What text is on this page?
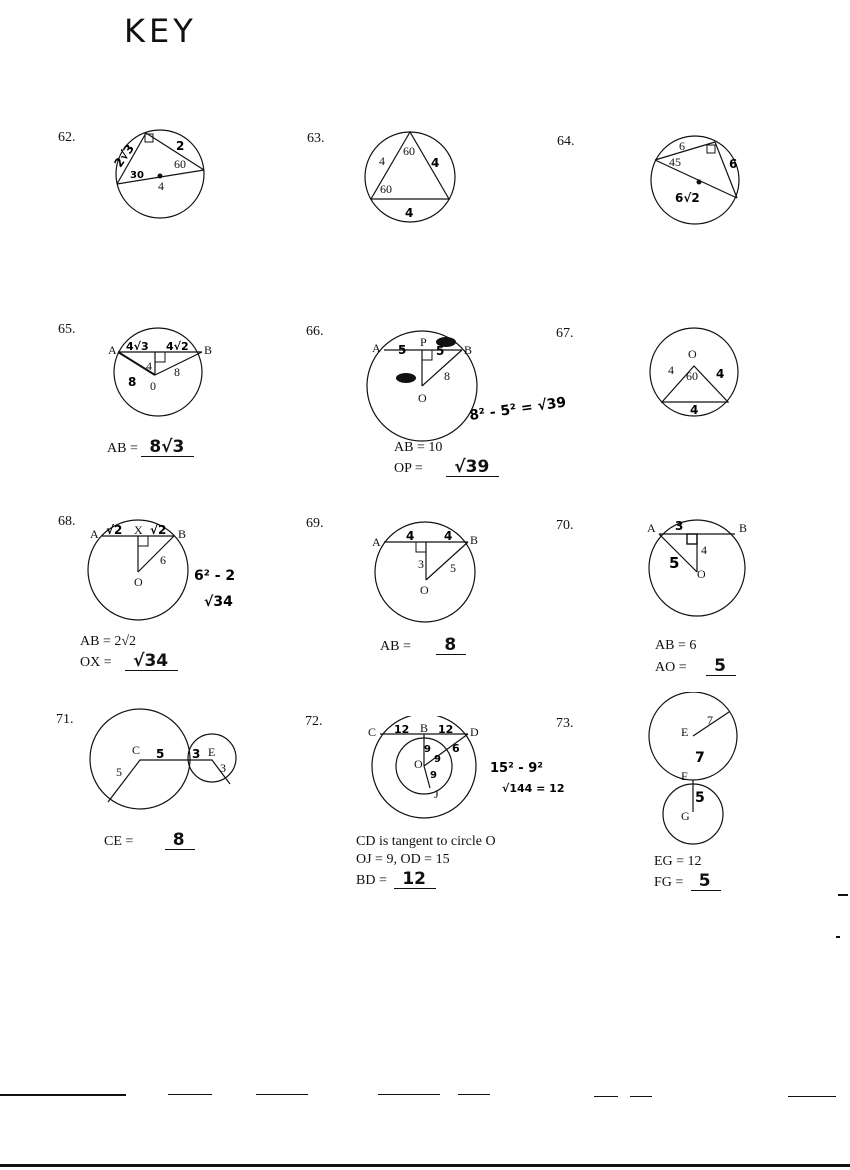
KEY
62.
2√3	2
60
30
4
63.
60
4	4
60
4
64.	6
45	6
6√2
65.
A	B
4√3 4√2
8
4 8
0
AB = 8√3
66.
A	P
B
5 5
8
O	8² - 5² = √39
AB = 10
OP = √39
67.
O
4 60 4
4
68.
A √2 X √2 B
6
O	6² - 2
√34
AB = 2√2
OX = √34
69.
A 4 4 B
3 5
O
AB = 8
70.	A 3	B
4
5
O
AB = 6
AO = 5
71.
C 5
5
3 E
3
CE = 8
72.
C 12 B 12 D
O
9
9
6
9
J
15² - 9²
√144 = 12
CD is tangent to circle O
OJ = 9, OD = 15
BD = 12
73.
E
7
7
F
5
G
EG = 12
FG = 5
